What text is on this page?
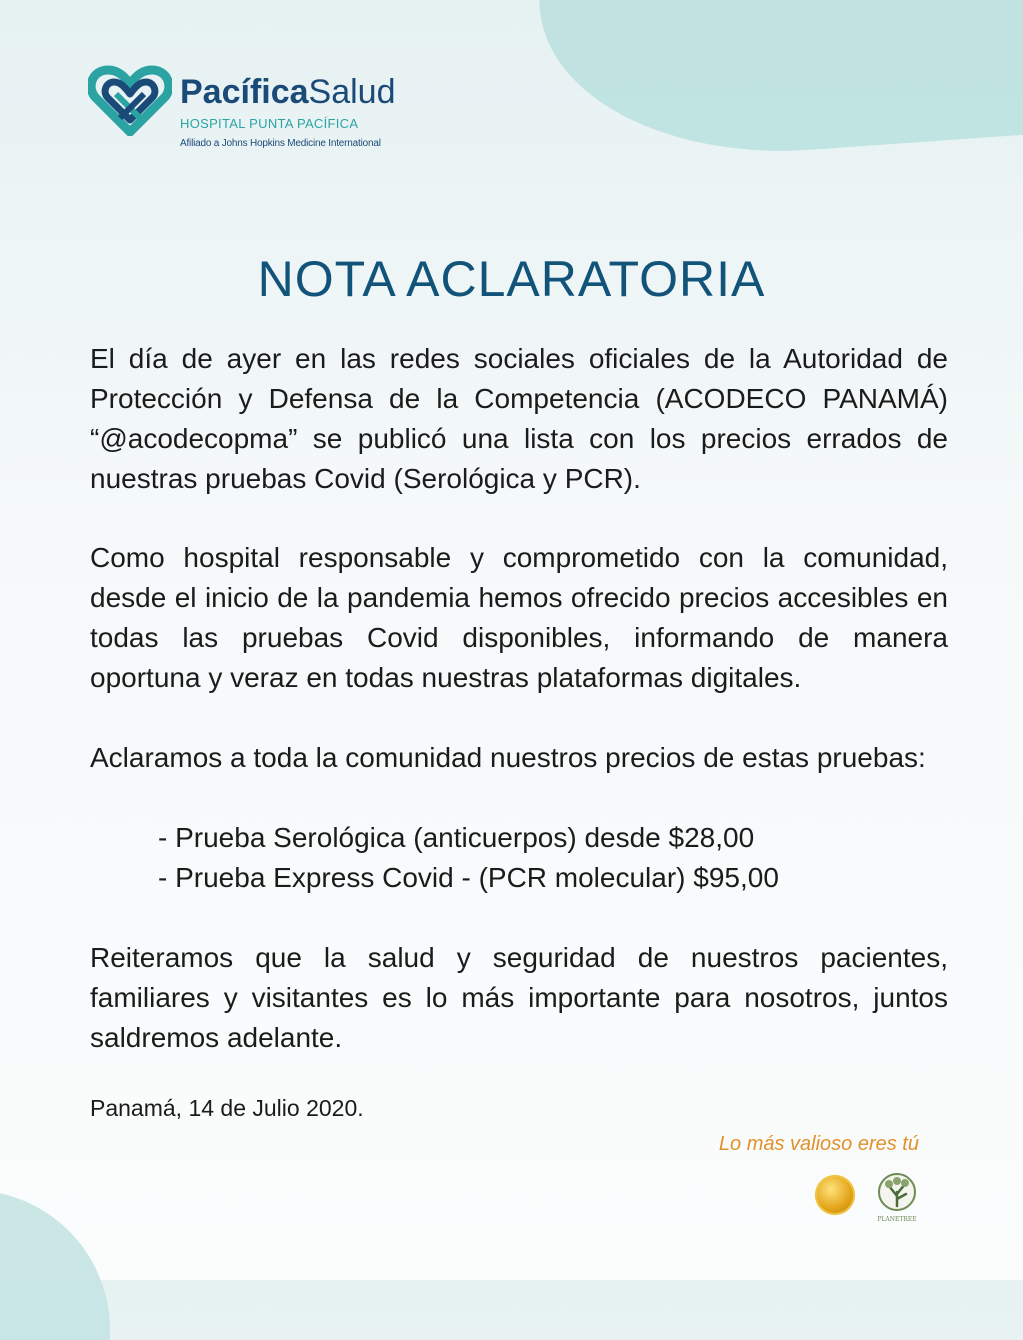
PacíficaSalud
HOSPITAL PUNTA PACÍFICA
Afiliado a Johns Hopkins Medicine International
NOTA ACLARATORIA

El día de ayer en las redes sociales oficiales de la Autoridad de Protección y Defensa de la Competencia (ACODECO PANAMÁ) “@acodecopma” se publicó una lista con los precios errados de nuestras pruebas Covid (Serológica y PCR).

Como hospital responsable y comprometido con la comunidad, desde el inicio de la pandemia hemos ofrecido precios accesibles en todas las pruebas Covid disponibles, informando de manera oportuna y veraz en todas nuestras plataformas digitales.

Aclaramos a toda la comunidad nuestros precios de estas pruebas:

- Prueba Serológica (anticuerpos) desde $28,00
- Prueba Express Covid - (PCR molecular) $95,00

Reiteramos que la salud y seguridad de nuestros pacientes, familiares y visitantes es lo más importante para nosotros, juntos saldremos adelante.

Panamá, 14 de Julio 2020.
Lo más valioso eres tú
PLANETREE
